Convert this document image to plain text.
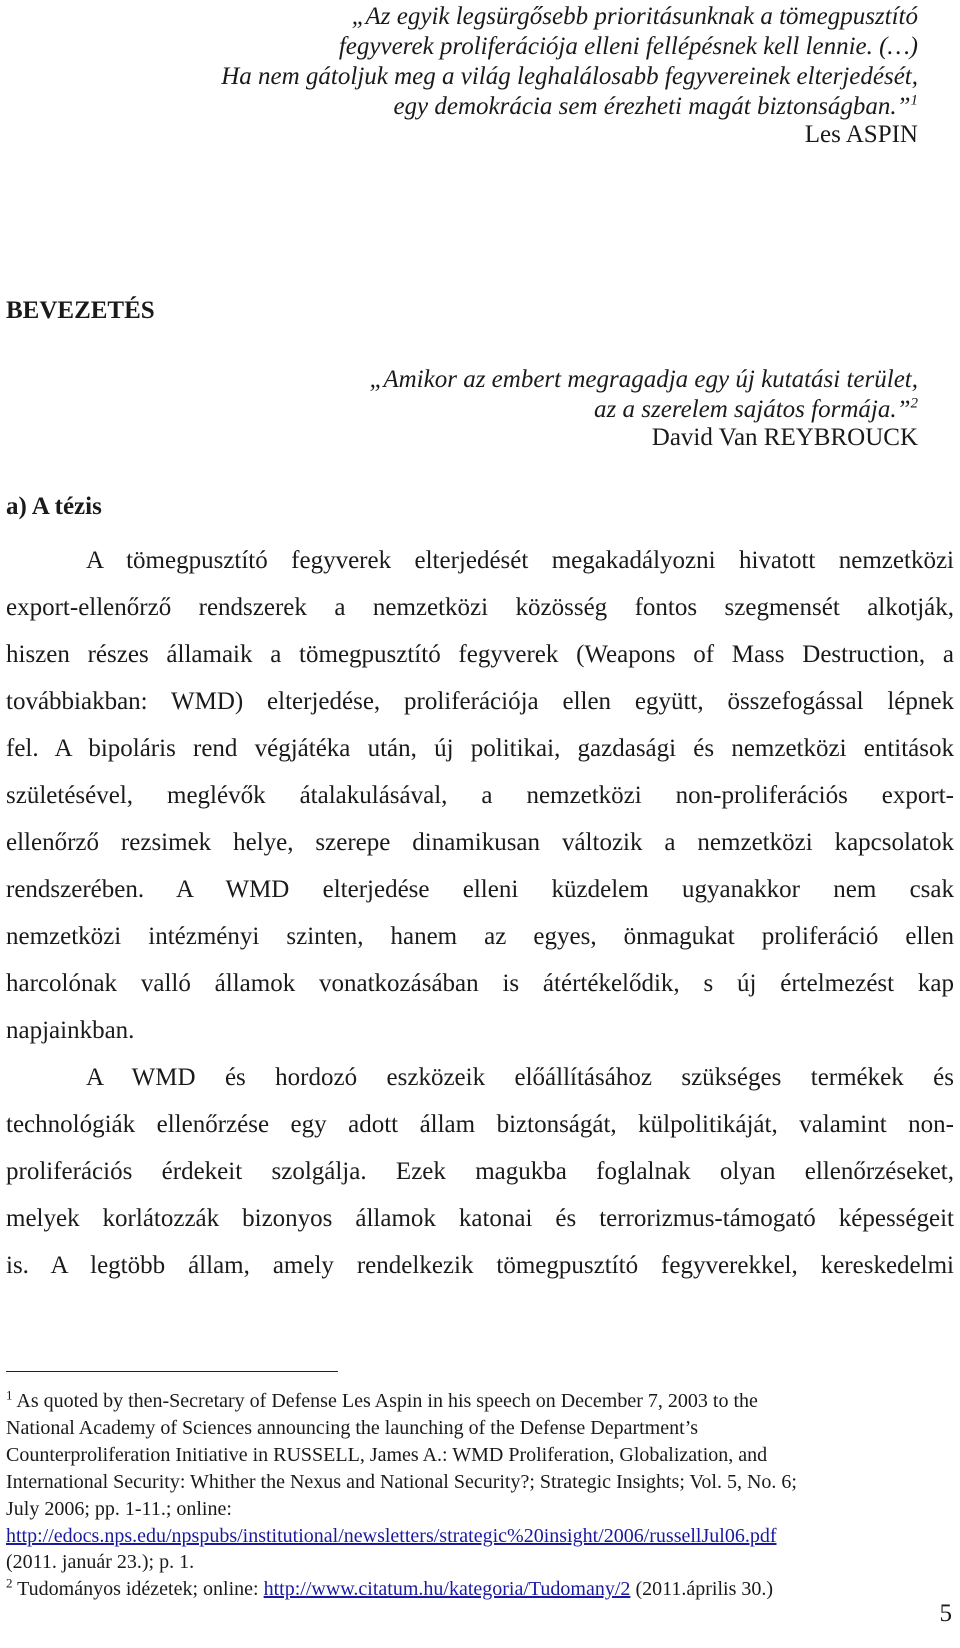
„Az egyik legsürgősebb prioritásunknak a tömegpusztító
fegyverek proliferációja elleni fellépésnek kell lennie. (…)
Ha nem gátoljuk meg a világ leghalálosabb fegyvereinek elterjedését,
egy demokrácia sem érezheti magát biztonságban.”$^1$
Les ASPIN
BEVEZETÉS
„Amikor az embert megragadja egy új kutatási terület,
az a szerelem sajátos formája.”$^2$
David Van REYBROUCK
a) A tézis
A tömegpusztító fegyverek elterjedését megakadályozni hivatott nemzetközi
export-ellenőrző rendszerek a nemzetközi közösség fontos szegmensét alkotják,
hiszen részes államaik a tömegpusztító fegyverek (Weapons of Mass Destruction, a
továbbiakban: WMD) elterjedése, proliferációja ellen együtt, összefogással lépnek
fel. A bipoláris rend végjátéka után, új politikai, gazdasági és nemzetközi entitások
születésével, meglévők átalakulásával, a nemzetközi non-proliferációs export-
ellenőrző rezsimek helye, szerepe dinamikusan változik a nemzetközi kapcsolatok
rendszerében. A WMD elterjedése elleni küzdelem ugyanakkor nem csak
nemzetközi intézményi szinten, hanem az egyes, önmagukat proliferáció ellen
harcolónak valló államok vonatkozásában is átértékelődik, s új értelmezést kap
napjainkban.
A WMD és hordozó eszközeik előállításához szükséges termékek és
technológiák ellenőrzése egy adott állam biztonságát, külpolitikáját, valamint non-
proliferációs érdekeit szolgálja. Ezek magukba foglalnak olyan ellenőrzéseket,
melyek korlátozzák bizonyos államok katonai és terrorizmus-támogató képességeit
is. A legtöbb állam, amely rendelkezik tömegpusztító fegyverekkel, kereskedelmi
$^1$ As quoted by then-Secretary of Defense Les Aspin in his speech on December 7, 2003 to the
National Academy of Sciences announcing the launching of the Defense Department’s
Counterproliferation Initiative in RUSSELL, James A.: WMD Proliferation, Globalization, and
International Security: Whither the Nexus and National Security?; Strategic Insights; Vol. 5, No. 6;
July 2006; pp. 1-11.; online:
http://edocs.nps.edu/npspubs/institutional/newsletters/strategic%20insight/2006/russellJul06.pdf
(2011. január 23.); p. 1.
$^2$ Tudományos idézetek; online: http://www.citatum.hu/kategoria/Tudomany/2 (2011.április 30.)
5
